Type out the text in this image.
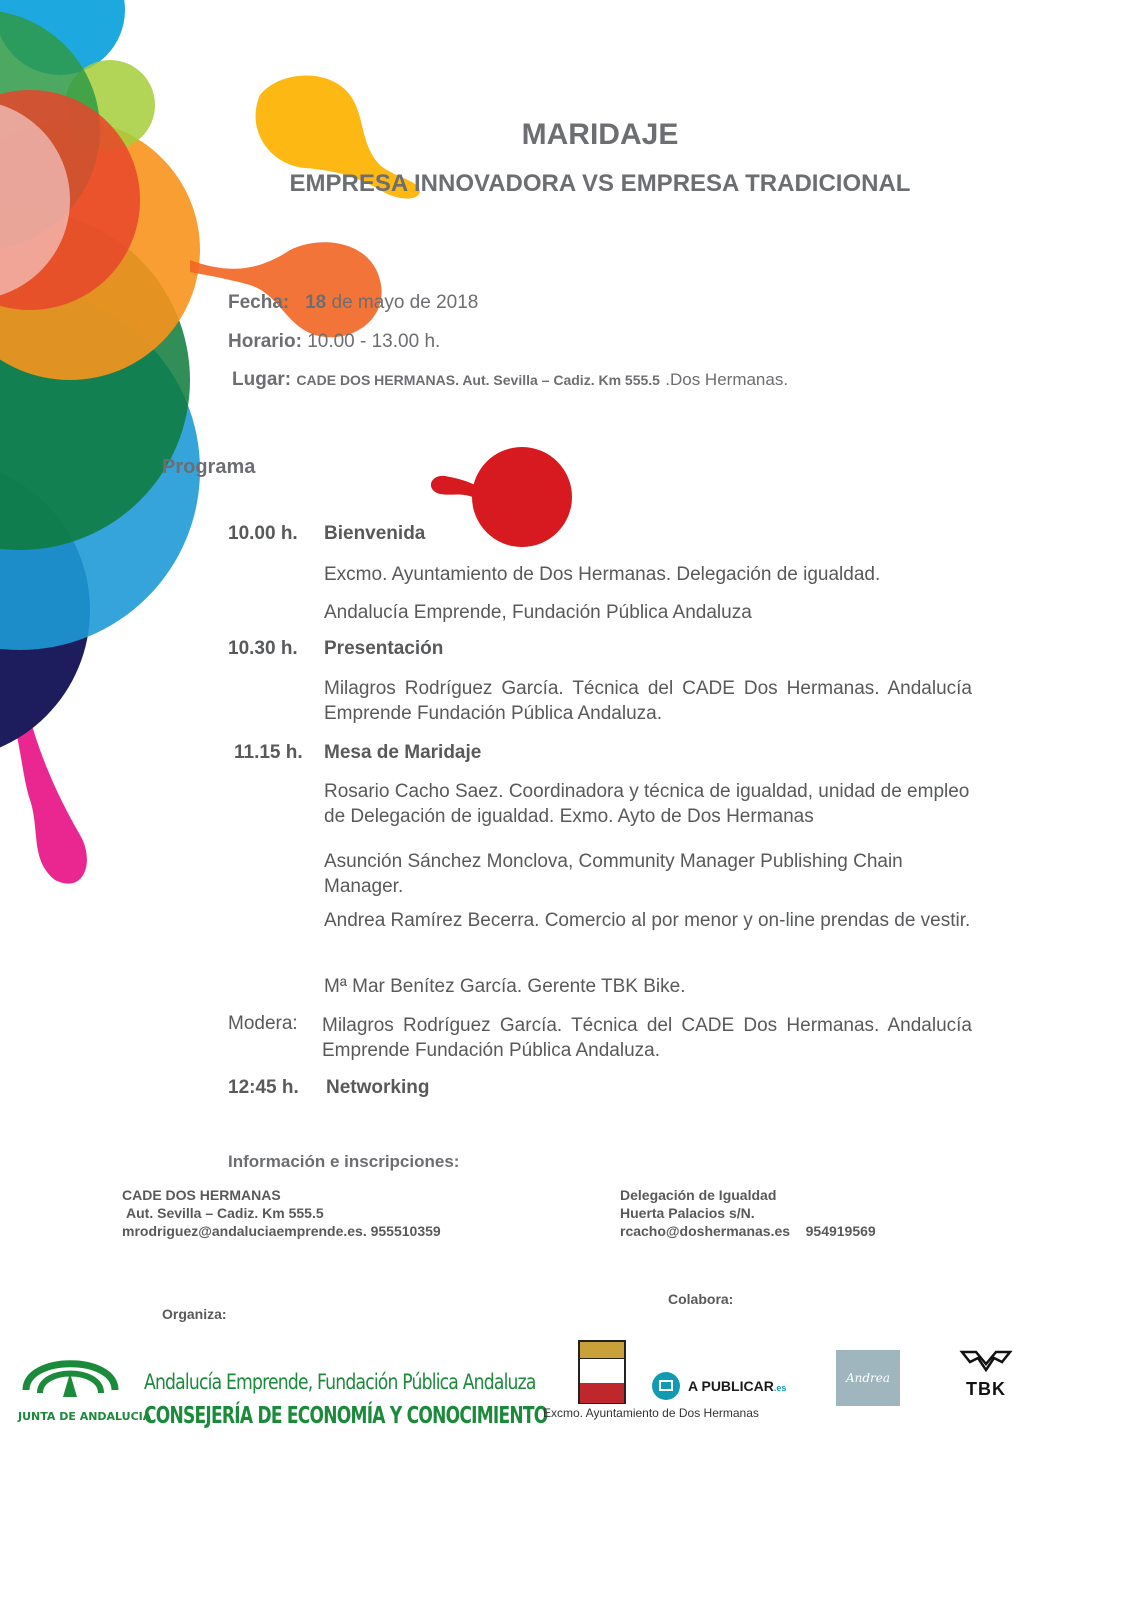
MARIDAJE
EMPRESA INNOVADORA VS EMPRESA TRADICIONAL
Fecha: 18 de mayo de 2018
Horario: 10.00 - 13.00 h.
Lugar: CADE DOS HERMANAS. Aut. Sevilla – Cadiz. Km 555.5 .Dos Hermanas.
Programa
10.00 h. Bienvenida
Excmo. Ayuntamiento de Dos Hermanas. Delegación de igualdad.
Andalucía Emprende, Fundación Pública Andaluza
10.30 h. Presentación
Milagros Rodríguez García. Técnica del CADE Dos Hermanas. Andalucía Emprende Fundación Pública Andaluza.
11.15 h. Mesa de Maridaje
Rosario Cacho Saez. Coordinadora y técnica de igualdad, unidad de empleo de Delegación de igualdad. Exmo. Ayto de Dos Hermanas
Asunción Sánchez Monclova, Community Manager Publishing Chain Manager.
Andrea Ramírez Becerra. Comercio al por menor y on-line prendas de vestir.
Mª Mar Benítez García. Gerente TBK Bike.
Modera: Milagros Rodríguez García. Técnica del CADE Dos Hermanas. Andalucía Emprende Fundación Pública Andaluza.
12:45 h. Networking
Información e inscripciones:
CADE DOS HERMANAS
Aut. Sevilla – Cadiz. Km 555.5
mrodriguez@andaluciaemprende.es. 955510359
Delegación de Igualdad
Huerta Palacios s/N.
rcacho@doshermanas.es 954919569
Organiza:
Colabora:
JUNTA DE ANDALUCIA
Andalucía Emprende, Fundación Pública Andaluza
CONSEJERÍA DE ECONOMÍA Y CONOCIMIENTO
Excmo. Ayuntamiento de Dos Hermanas
A PUBLICAR.es
Andrea
TBK
